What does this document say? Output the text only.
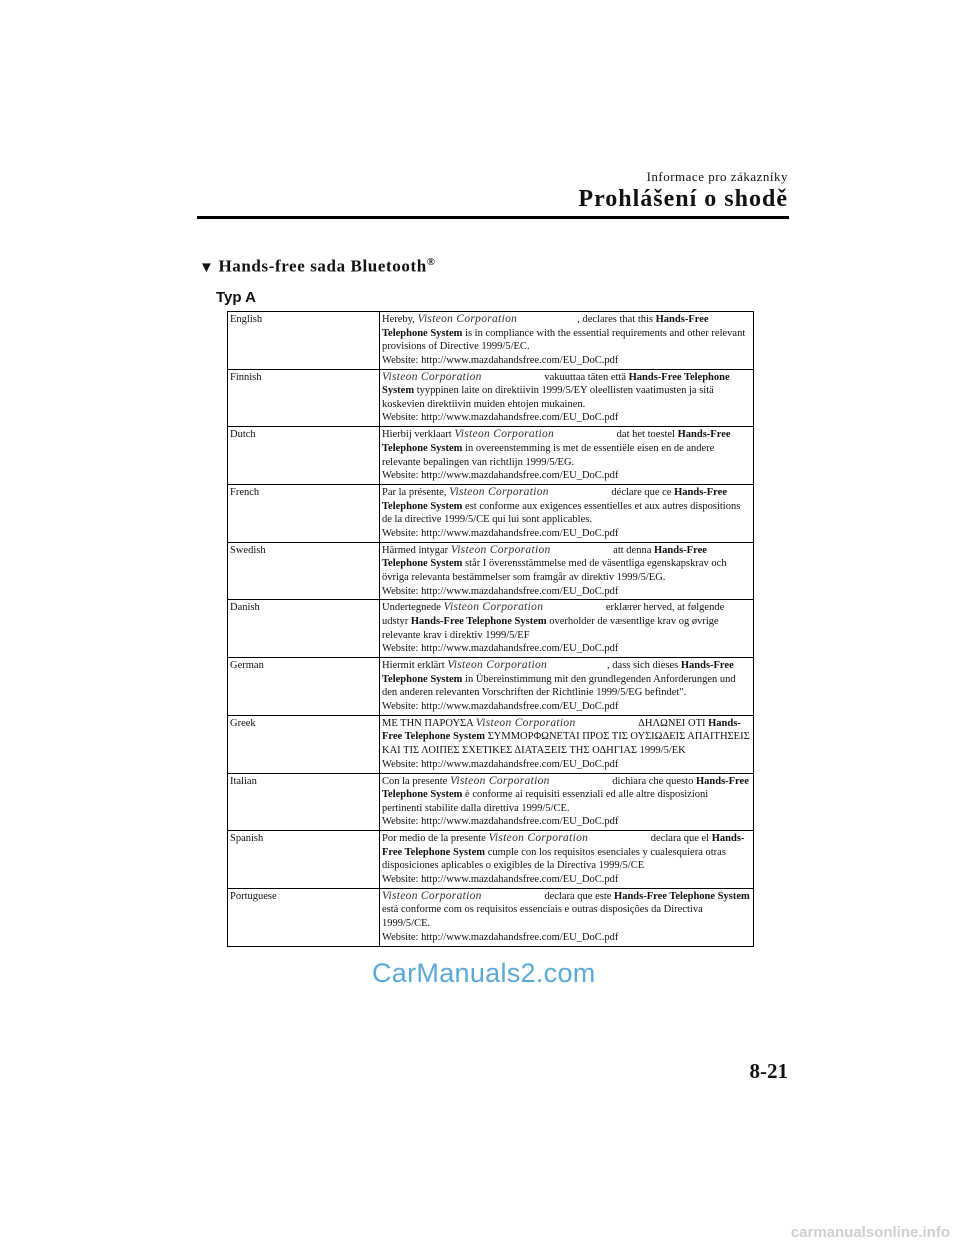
Informace pro zákazníky
Prohlášení o shodě
▼ Hands-free sada Bluetooth®
Typ A
English	Hereby, Visteon Corporation , declares that this Hands-Free Telephone System is in compliance with the essential requirements and other relevant provisions of Directive 1999/5/EC.
Website: http://www.mazdahandsfree.com/EU_DoC.pdf

Finnish	Visteon Corporation vakuuttaa täten että Hands-Free Telephone System tyyppinen laite on direktiivin 1999/5/EY oleellisten vaatimusten ja sitä koskevien direktiivin muiden ehtojen mukainen.
Website: http://www.mazdahandsfree.com/EU_DoC.pdf

Dutch	Hierbij verklaart Visteon Corporation dat het toestel Hands-Free Telephone System in overeenstemming is met de essentiële eisen en de andere relevante bepalingen van richtlijn 1999/5/EG.
Website: http://www.mazdahandsfree.com/EU_DoC.pdf

French	Par la présente, Visteon Corporation déclare que ce Hands-Free Telephone System est conforme aux exigences essentielles et aux autres dispositions de la directive 1999/5/CE qui lui sont applicables.
Website: http://www.mazdahandsfree.com/EU_DoC.pdf

Swedish	Härmed intygar Visteon Corporation att denna Hands-Free Telephone System står I överensstämmelse med de väsentliga egenskapskrav och övriga relevanta bestämmelser som framgår av direktiv 1999/5/EG.
Website: http://www.mazdahandsfree.com/EU_DoC.pdf

Danish	Undertegnede Visteon Corporation erklærer herved, at følgende udstyr Hands-Free Telephone System overholder de væsentlige krav og øvrige relevante krav i direktiv 1999/5/EF
Website: http://www.mazdahandsfree.com/EU_DoC.pdf

German	Hiermit erklärt Visteon Corporation , dass sich dieses Hands-Free Telephone System in Übereinstimmung mit den grundlegenden Anforderungen und den anderen relevanten Vorschriften der Richtlinie 1999/5/EG befindet".
Website: http://www.mazdahandsfree.com/EU_DoC.pdf

Greek	ΜΕ ΤΗΝ ΠΑΡΟΥΣΑ Visteon Corporation ΔΗΛΩΝΕΙ ΟΤΙ Hands-Free Telephone System ΣΥΜΜΟΡΦΩΝΕΤΑΙ ΠΡΟΣ ΤΙΣ ΟΥΣΙΩΔΕΙΣ ΑΠΑΙΤΗΣΕΙΣ ΚΑΙ ΤΙΣ ΛΟΙΠΕΣ ΣΧΕΤΙΚΕΣ ΔΙΑΤΑΞΕΙΣ ΤΗΣ ΟΔΗΓΙΑΣ 1999/5/ΕΚ
Website: http://www.mazdahandsfree.com/EU_DoC.pdf

Italian	Con la presente Visteon Corporation dichiara che questo Hands-Free Telephone System è conforme ai requisiti essenziali ed alle altre disposizioni pertinenti stabilite dalla direttiva 1999/5/CE.
Website: http://www.mazdahandsfree.com/EU_DoC.pdf

Spanish	Por medio de la presente Visteon Corporation declara que el Hands-Free Telephone System cumple con los requisitos esenciales y cualesquiera otras disposiciones aplicables o exigibles de la Directiva 1999/5/CE
Website: http://www.mazdahandsfree.com/EU_DoC.pdf

Portuguese	Visteon Corporation declara que este Hands-Free Telephone System está conforme com os requisitos essenciais e outras disposições da Directiva 1999/5/CE.
Website: http://www.mazdahandsfree.com/EU_DoC.pdf
CarManuals2.com
8-21
carmanualsonline.info
